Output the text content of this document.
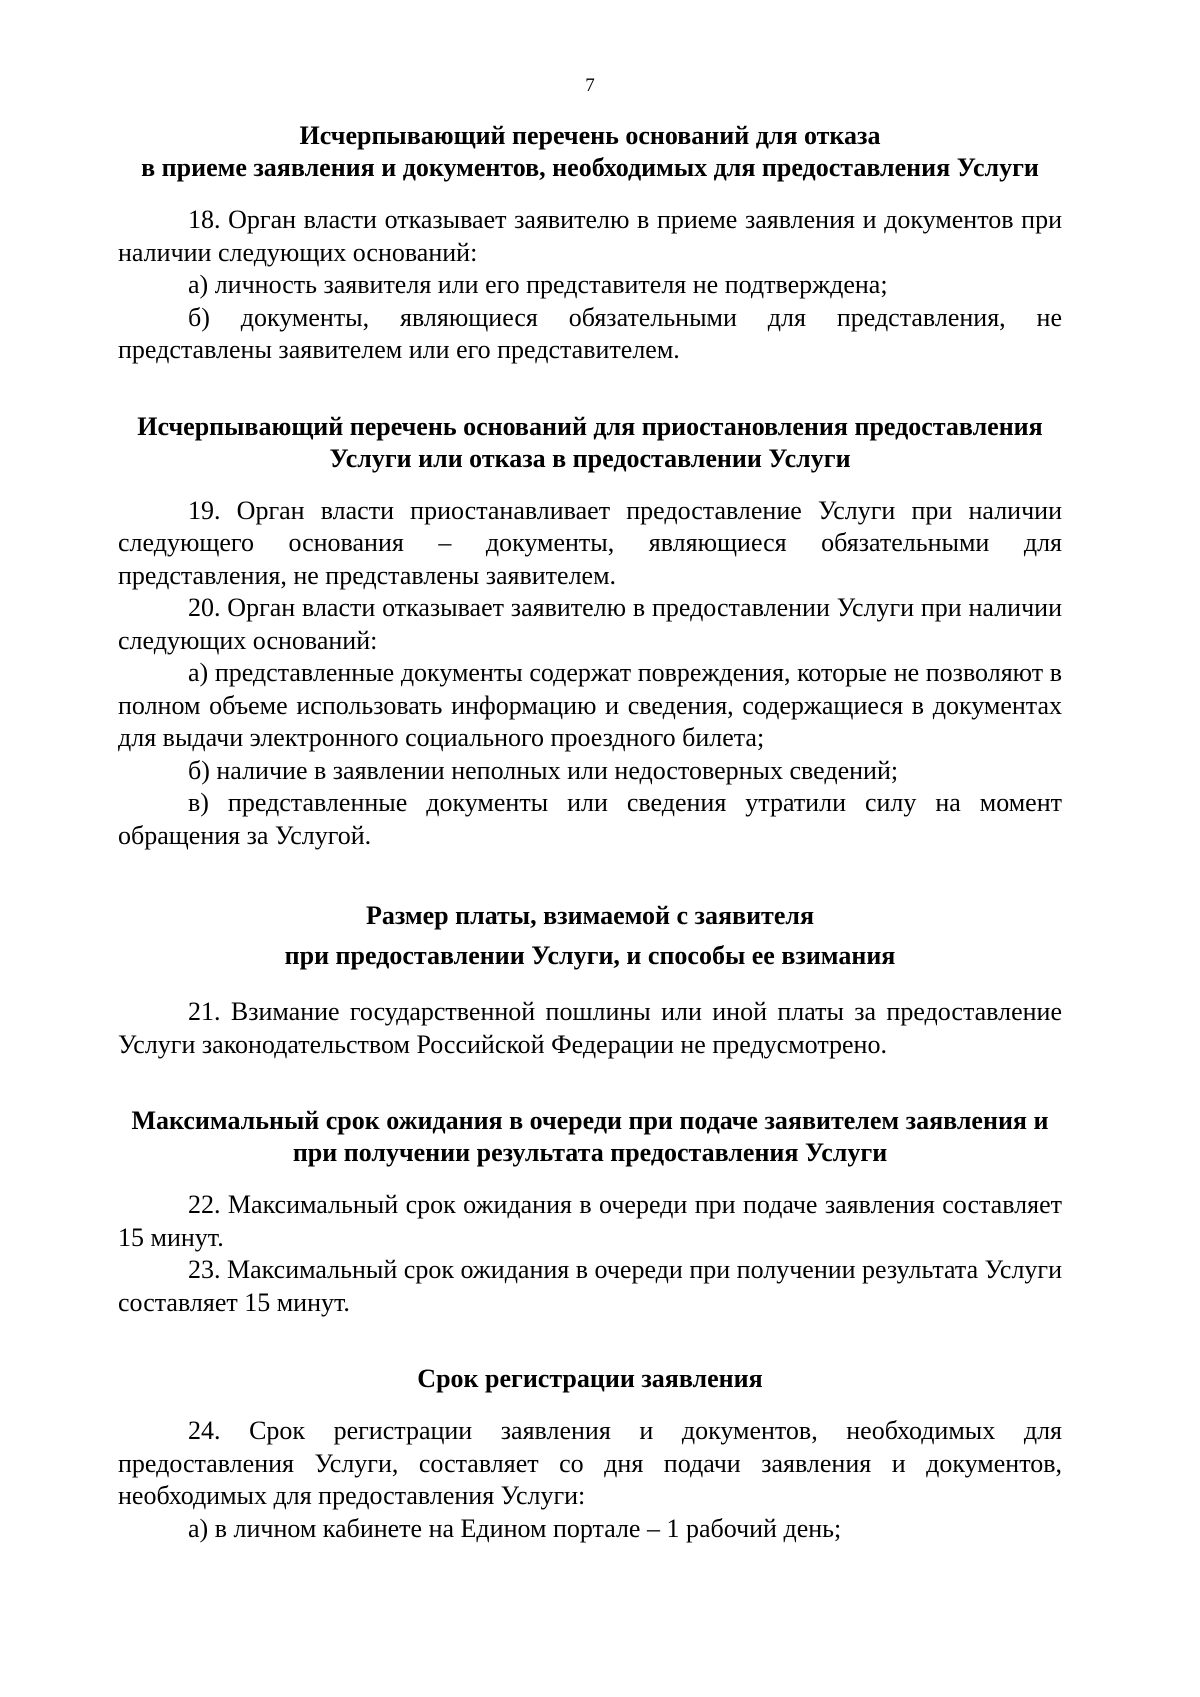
7
Исчерпывающий перечень оснований для отказа
в приеме заявления и документов, необходимых для предоставления Услуги

18. Орган власти отказывает заявителю в приеме заявления и документов при наличии следующих оснований:

а) личность заявителя или его представителя не подтверждена;

б) документы, являющиеся обязательными для представления, не представлены заявителем или его представителем.

Исчерпывающий перечень оснований для приостановления предоставления
Услуги или отказа в предоставлении Услуги

19. Орган власти приостанавливает предоставление Услуги при наличии следующего основания – документы, являющиеся обязательными для представления, не представлены заявителем.

20. Орган власти отказывает заявителю в предоставлении Услуги при наличии следующих оснований:

а) представленные документы содержат повреждения, которые не позволяют в полном объеме использовать информацию и сведения, содержащиеся в документах для выдачи электронного социального проездного билета;

б) наличие в заявлении неполных или недостоверных сведений;

в) представленные документы или сведения утратили силу на момент обращения за Услугой.

Размер платы, взимаемой с заявителя
при предоставлении Услуги, и способы ее взимания

21. Взимание государственной пошлины или иной платы за предоставление Услуги законодательством Российской Федерации не предусмотрено.

Максимальный срок ожидания в очереди при подаче заявителем заявления и
при получении результата предоставления Услуги

22. Максимальный срок ожидания в очереди при подаче заявления составляет 15 минут.

23. Максимальный срок ожидания в очереди при получении результата Услуги составляет 15 минут.

Срок регистрации заявления

24. Срок регистрации заявления и документов, необходимых для предоставления Услуги, составляет со дня подачи заявления и документов, необходимых для предоставления Услуги:

а) в личном кабинете на Едином портале – 1 рабочий день;
